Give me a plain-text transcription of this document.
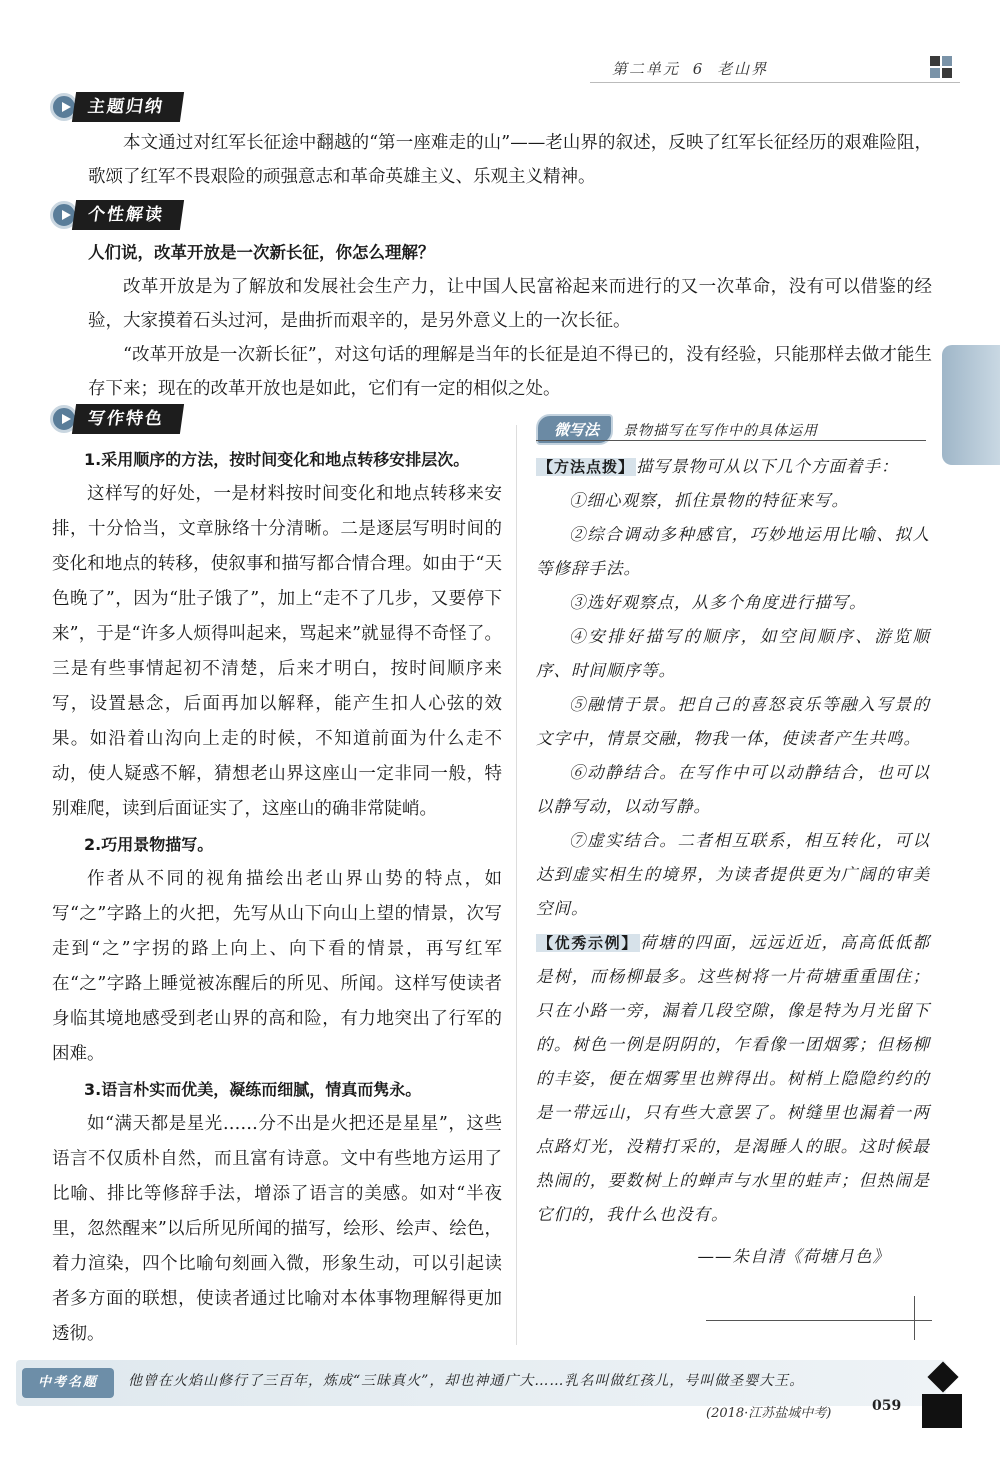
第二单元 6 老山界
主题归纳
本文通过对红军长征途中翻越的“第一座难走的山”——老山界的叙述，反映了红军长征经历的艰难险阻，歌颂了红军不畏艰险的顽强意志和革命英雄主义、乐观主义精神。
个性解读
人们说，改革开放是一次新长征，你怎么理解？
改革开放是为了解放和发展社会生产力，让中国人民富裕起来而进行的又一次革命，没有可以借鉴的经验，大家摸着石头过河，是曲折而艰辛的，是另外意义上的一次长征。
“改革开放是一次新长征”，对这句话的理解是当年的长征是迫不得已的，没有经验，只能那样去做才能生存下来；现在的改革开放也是如此，它们有一定的相似之处。
写作特色
1.采用顺序的方法，按时间变化和地点转移安排层次。
这样写的好处，一是材料按时间变化和地点转移来安排，十分恰当，文章脉络十分清晰。二是逐层写明时间的变化和地点的转移，使叙事和描写都合情合理。如由于“天色晚了”，因为“肚子饿了”，加上“走不了几步，又要停下来”，于是“许多人烦得叫起来，骂起来”就显得不奇怪了。三是有些事情起初不清楚，后来才明白，按时间顺序来写，设置悬念，后面再加以解释，能产生扣人心弦的效果。如沿着山沟向上走的时候，不知道前面为什么走不动，使人疑惑不解，猜想老山界这座山一定非同一般，特别难爬，读到后面证实了，这座山的确非常陡峭。
2.巧用景物描写。
作者从不同的视角描绘出老山界山势的特点，如写“之”字路上的火把，先写从山下向山上望的情景，次写走到“之”字拐的路上向上、向下看的情景，再写红军在“之”字路上睡觉被冻醒后的所见、所闻。这样写使读者身临其境地感受到老山界的高和险，有力地突出了行军的困难。
3.语言朴实而优美，凝练而细腻，情真而隽永。
如“满天都是星光……分不出是火把还是星星”，这些语言不仅质朴自然，而且富有诗意。文中有些地方运用了比喻、排比等修辞手法，增添了语言的美感。如对“半夜里，忽然醒来”以后所见所闻的描写，绘形、绘声、绘色，着力渲染，四个比喻句刻画入微，形象生动，可以引起读者多方面的联想，使读者通过比喻对本体事物理解得更加透彻。
微写法	景物描写在写作中的具体运用
【方法点拨】 描写景物可从以下几个方面着手：
①细心观察，抓住景物的特征来写。
②综合调动多种感官，巧妙地运用比喻、拟人等修辞手法。
③选好观察点，从多个角度进行描写。
④安排好描写的顺序，如空间顺序、游览顺序、时间顺序等。
⑤融情于景。把自己的喜怒哀乐等融入写景的文字中，情景交融，物我一体，使读者产生共鸣。
⑥动静结合。在写作中可以动静结合，也可以以静写动，以动写静。
⑦虚实结合。二者相互联系，相互转化，可以达到虚实相生的境界，为读者提供更为广阔的审美空间。
【优秀示例】 荷塘的四面，远远近近，高高低低都是树，而杨柳最多。这些树将一片荷塘重重围住；只在小路一旁，漏着几段空隙，像是特为月光留下的。树色一例是阴阴的，乍看像一团烟雾；但杨柳的丰姿，便在烟雾里也辨得出。树梢上隐隐约约的是一带远山，只有些大意罢了。树缝里也漏着一两点路灯光，没精打采的，是渴睡人的眼。这时候最热闹的，要数树上的蝉声与水里的蛙声；但热闹是它们的，我什么也没有。
——朱自清《荷塘月色》
中考名题	他曾在火焰山修行了三百年，炼成“三昧真火”，却也神通广大……乳名叫做红孩儿，号叫做圣婴大王。
(2018·江苏盐城中考)	059
